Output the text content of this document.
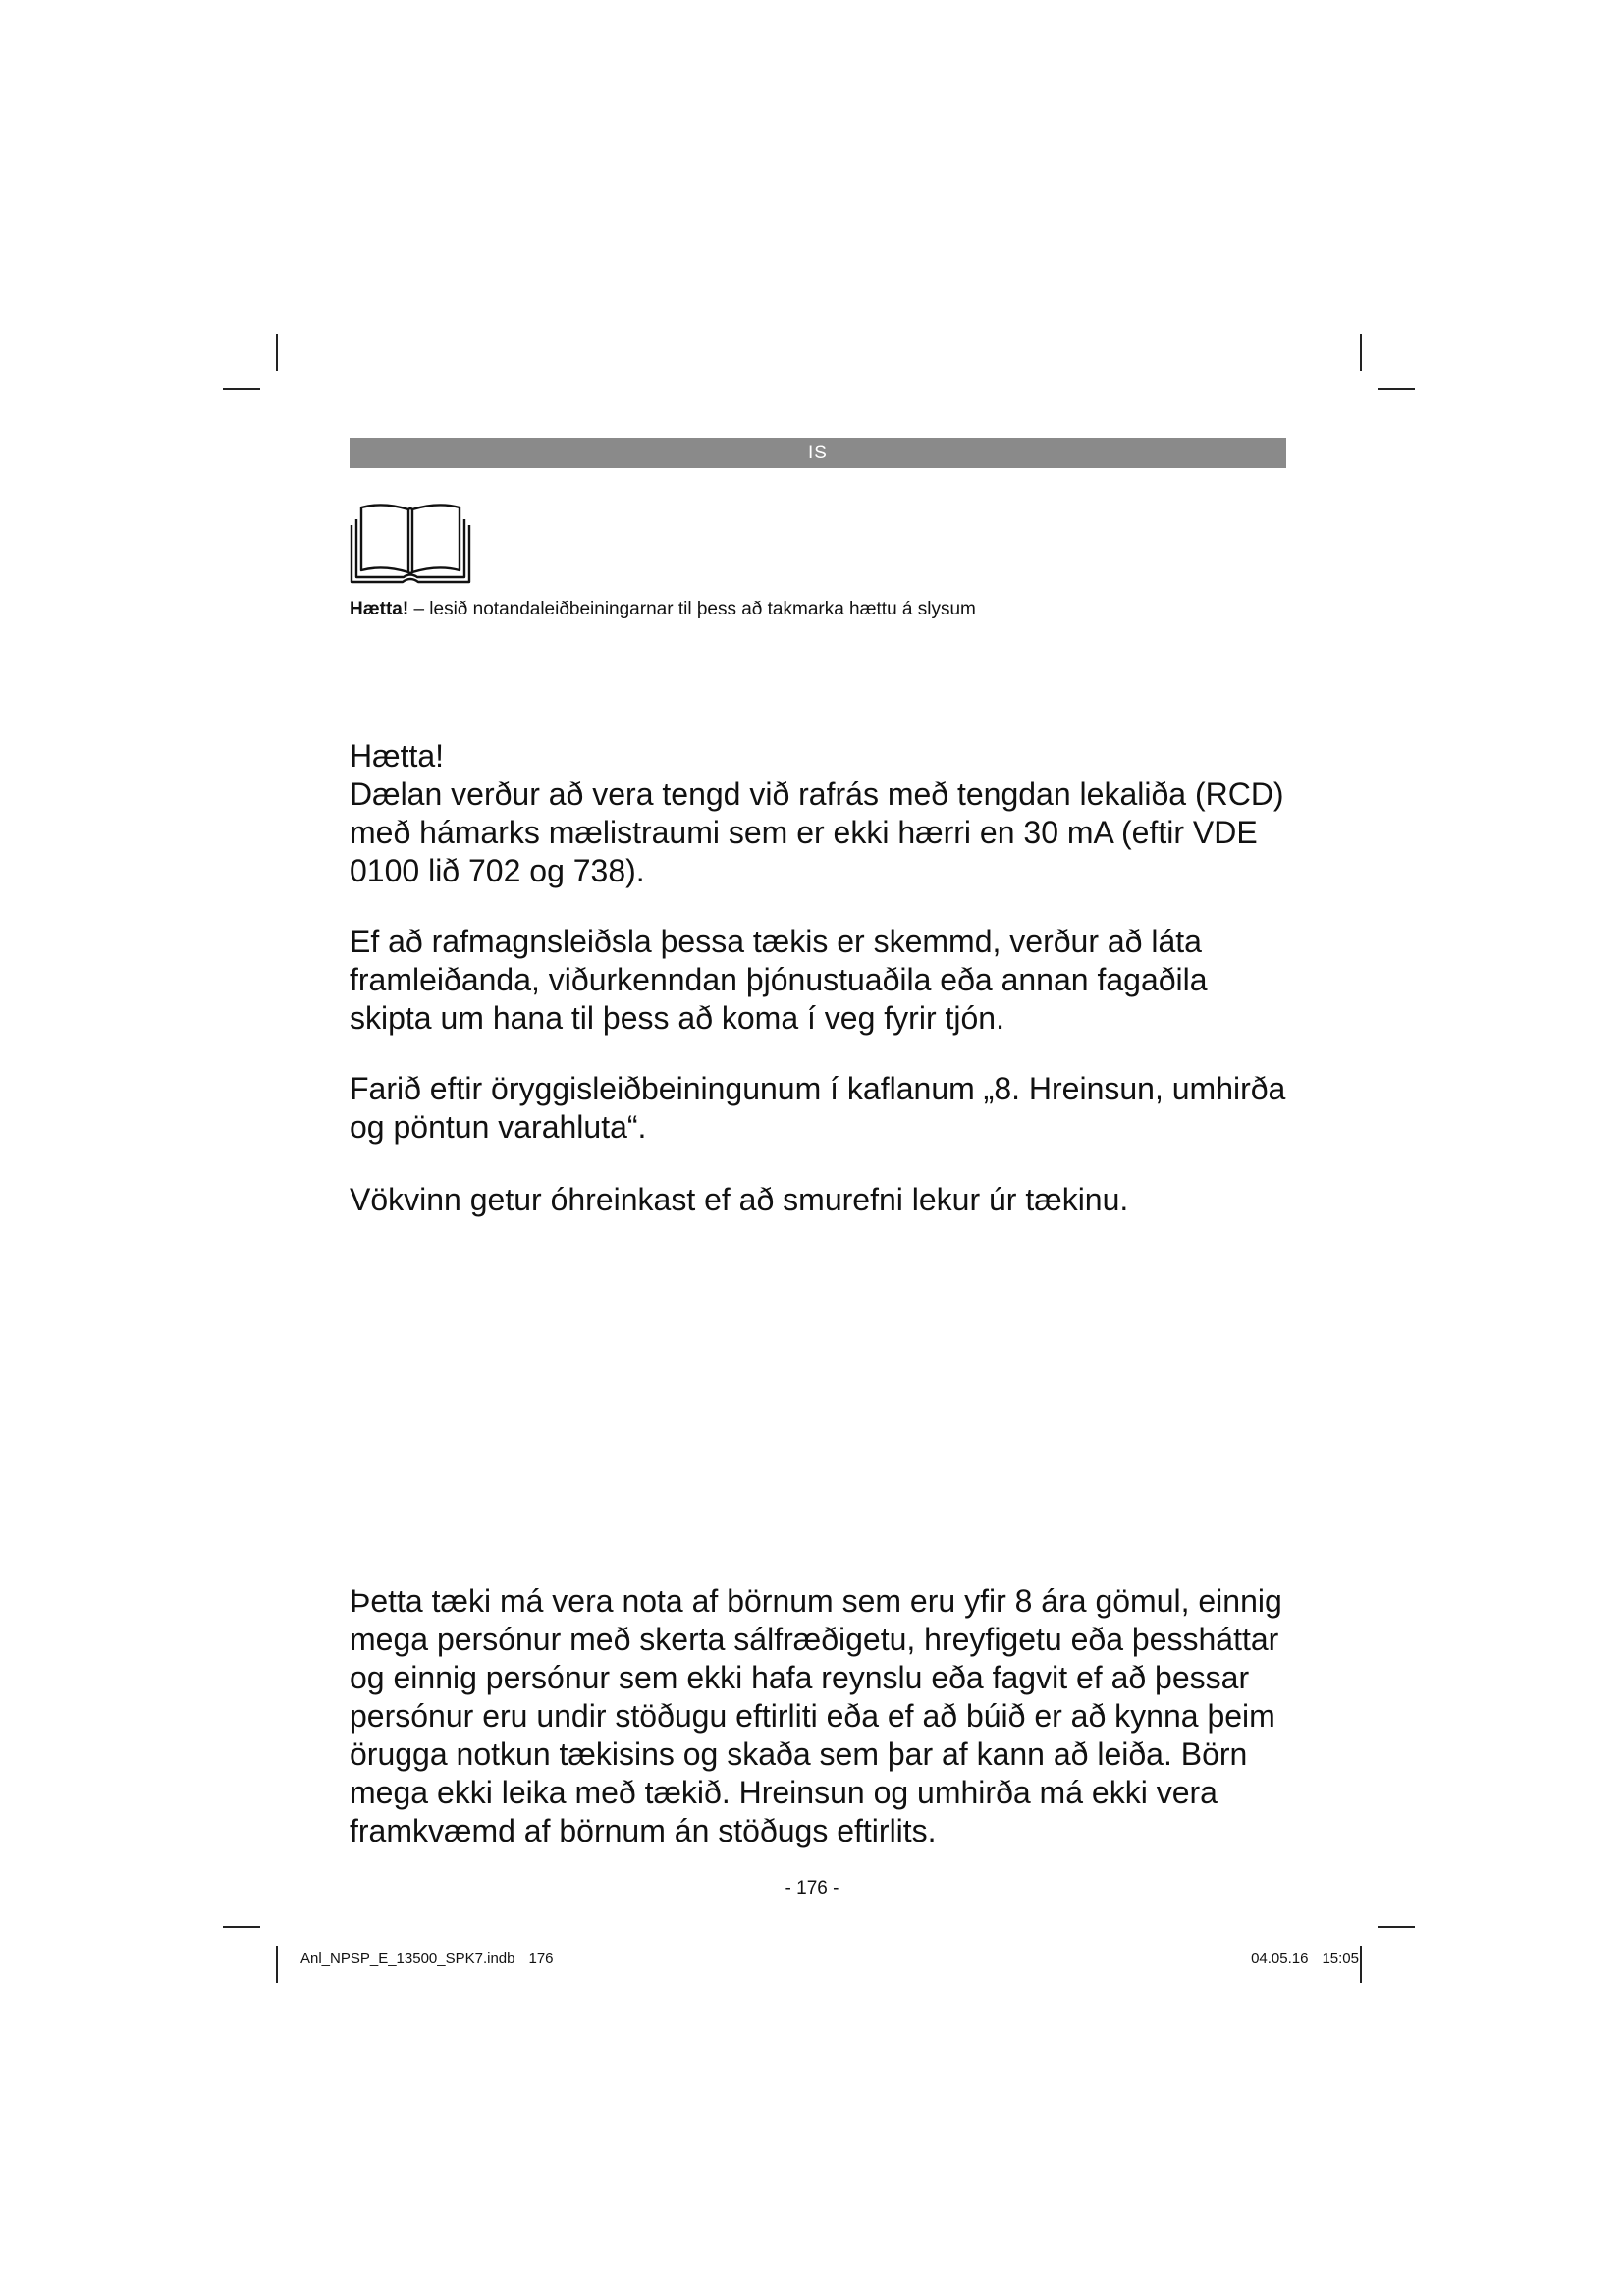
IS
Hætta! – lesið notandaleiðbeiningarnar til þess að takmarka hættu á slysum

Hætta!

Dælan verður að vera tengd við rafrás með tengdan lekaliða (RCD) með hámarks mælistraumi sem er ekki hærri en 30 mA (eftir VDE 0100 lið 702 og 738).

Ef að rafmagnsleiðsla þessa tækis er skemmd, verður að láta framleiðanda, viðurkenndan þjónustuaðila eða annan fagaðila skipta um hana til þess að koma í veg fyrir tjón.

Farið eftir öryggisleiðbeiningunum í kaflanum „8. Hreinsun, umhirða og pöntun varahluta“.

Vökvinn getur óhreinkast ef að smurefni lekur úr tækinu.

Þetta tæki má vera nota af börnum sem eru yfir 8 ára gömul, einnig mega persónur með skerta sálfræðigetu, hreyfigetu eða þessháttar og einnig persónur sem ekki hafa reynslu eða fagvit ef að þessar persónur eru undir stöðugu eftirliti eða ef að búið er að kynna þeim örugga notkun tækisins og skaða sem þar af kann að leiða. Börn mega ekki leika með tækið. Hreinsun og umhirða má ekki vera framkvæmd af börnum án stöðugs eftirlits.

- 176 -
Anl_NPSP_E_13500_SPK7.indb 176	04.05.16 15:05
